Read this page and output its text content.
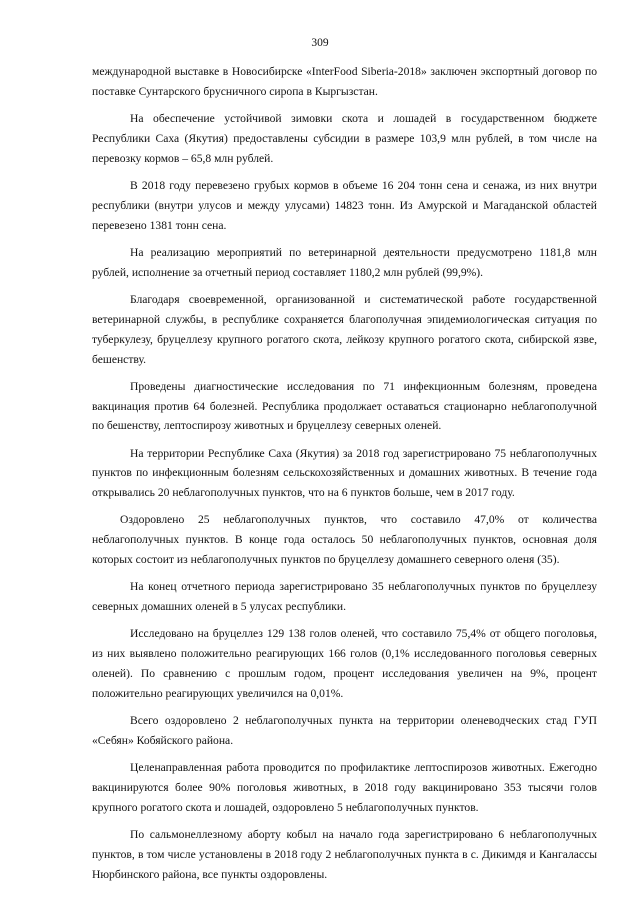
309

международной выставке в Новосибирске «InterFood Siberia-2018» заключен экспортный договор по поставке Сунтарского брусничного сиропа в Кыргызстан.

На обеспечение устойчивой зимовки скота и лошадей в государственном бюджете Республики Саха (Якутия) предоставлены субсидии в размере 103,9 млн рублей, в том числе на перевозку кормов – 65,8 млн рублей.

В 2018 году перевезено грубых кормов в объеме 16 204 тонн сена и сенажа, из них внутри республики (внутри улусов и между улусами) 14823 тонн. Из Амурской и Магаданской областей перевезено 1381 тонн сена.

На реализацию мероприятий по ветеринарной деятельности предусмотрено 1181,8 млн рублей, исполнение за отчетный период составляет 1180,2 млн рублей (99,9%).

Благодаря своевременной, организованной и систематической работе государственной ветеринарной службы, в республике сохраняется благополучная эпидемиологическая ситуация по туберкулезу, бруцеллезу крупного рогатого скота, лейкозу крупного рогатого скота, сибирской язве, бешенству.

Проведены диагностические исследования по 71 инфекционным болезням, проведена вакцинация против 64 болезней. Республика продолжает оставаться стационарно неблагополучной по бешенству, лептоспирозу животных и бруцеллезу северных оленей.

На территории Республике Саха (Якутия) за 2018 год зарегистрировано 75 неблагополучных пунктов по инфекционным болезням сельскохозяйственных и домашних животных. В течение года открывались 20 неблагополучных пунктов, что на 6 пунктов больше, чем в 2017 году.

Оздоровлено 25 неблагополучных пунктов, что составило 47,0% от количества неблагополучных пунктов. В конце года осталось 50 неблагополучных пунктов, основная доля которых состоит из неблагополучных пунктов по бруцеллезу домашнего северного оленя (35).

На конец отчетного периода зарегистрировано 35 неблагополучных пунктов по бруцеллезу северных домашних оленей в 5 улусах республики.

Исследовано на бруцеллез 129 138 голов оленей, что составило 75,4% от общего поголовья, из них выявлено положительно реагирующих 166 голов (0,1% исследованного поголовья северных оленей). По сравнению с прошлым годом, процент исследования увеличен на 9%, процент положительно реагирующих увеличился на 0,01%.

Всего оздоровлено 2 неблагополучных пункта на территории оленеводческих стад ГУП «Себян» Кобяйского района.

Целенаправленная работа проводится по профилактике лептоспирозов животных. Ежегодно вакцинируются более 90% поголовья животных, в 2018 году вакцинировано 353 тысячи голов крупного рогатого скота и лошадей, оздоровлено 5 неблагополучных пунктов.

По сальмонеллезному аборту кобыл на начало года зарегистрировано 6 неблагополучных пунктов, в том числе установлены в 2018 году 2 неблагополучных пункта в с. Дикимдя и Кангалассы Нюрбинского района, все пункты оздоровлены.
